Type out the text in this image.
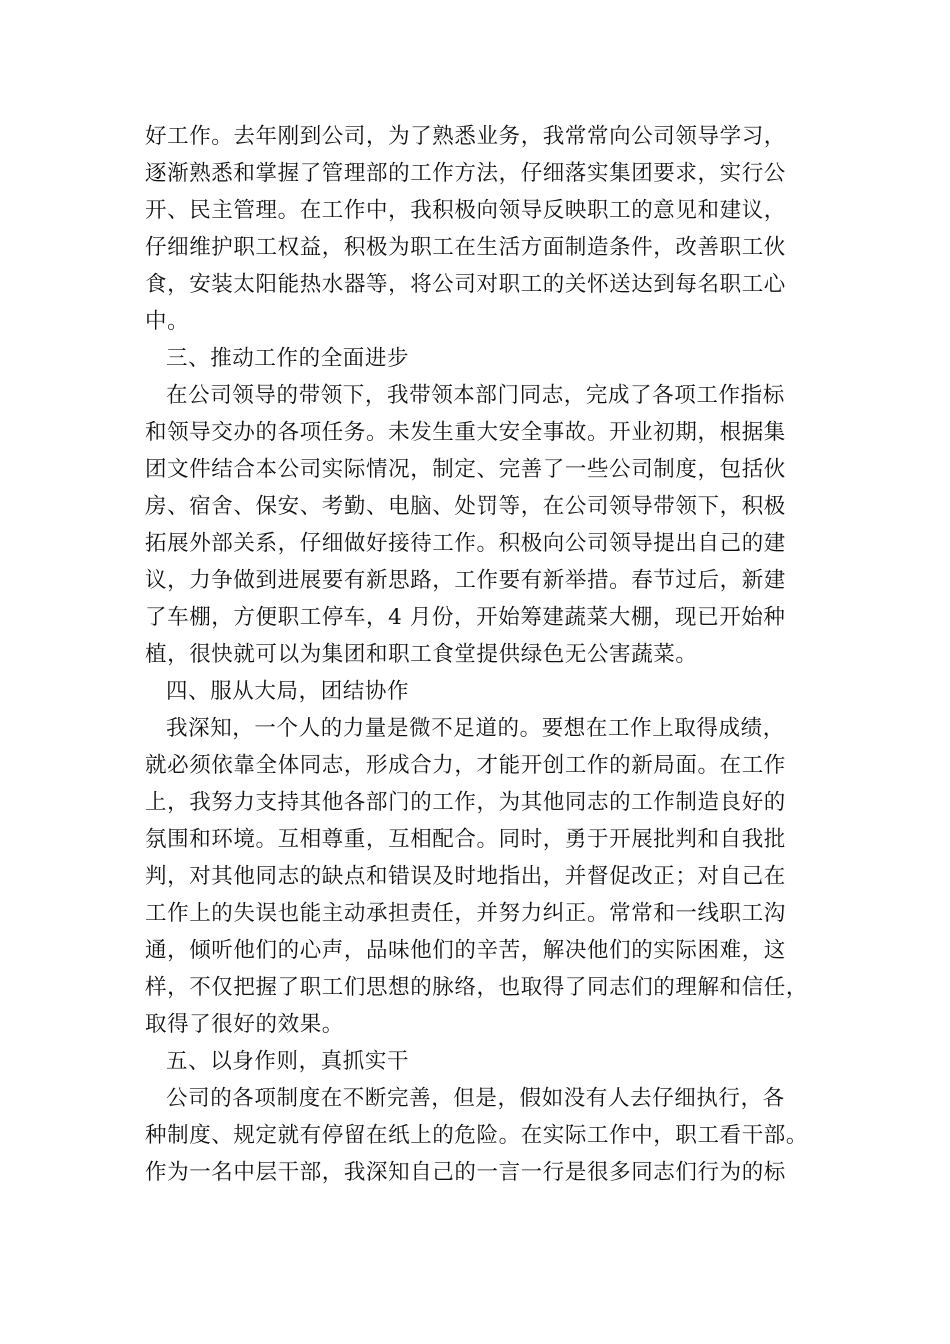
好工作。去年刚到公司，为了熟悉业务，我常常向公司领导学习，
逐渐熟悉和掌握了管理部的工作方法，仔细落实集团要求，实行公
开、民主管理。在工作中，我积极向领导反映职工的意见和建议，
仔细维护职工权益，积极为职工在生活方面制造条件，改善职工伙
食，安装太阳能热水器等，将公司对职工的关怀送达到每名职工心
中。
三、推动工作的全面进步
在公司领导的带领下，我带领本部门同志，完成了各项工作指标
和领导交办的各项任务。未发生重大安全事故。开业初期，根据集
团文件结合本公司实际情况，制定、完善了一些公司制度，包括伙
房、宿舍、保安、考勤、电脑、处罚等，在公司领导带领下，积极
拓展外部关系，仔细做好接待工作。积极向公司领导提出自己的建
议，力争做到进展要有新思路，工作要有新举措。春节过后，新建
了车棚，方便职工停车，4 月份，开始筹建蔬菜大棚，现已开始种
植，很快就可以为集团和职工食堂提供绿色无公害蔬菜。
四、服从大局，团结协作
我深知，一个人的力量是微不足道的。要想在工作上取得成绩，
就必须依靠全体同志，形成合力，才能开创工作的新局面。在工作
上，我努力支持其他各部门的工作，为其他同志的工作制造良好的
氛围和环境。互相尊重，互相配合。同时，勇于开展批判和自我批
判，对其他同志的缺点和错误及时地指出，并督促改正；对自己在
工作上的失误也能主动承担责任，并努力纠正。常常和一线职工沟
通，倾听他们的心声，品味他们的辛苦，解决他们的实际困难，这
样，不仅把握了职工们思想的脉络，也取得了同志们的理解和信任，
取得了很好的效果。
五、以身作则，真抓实干
公司的各项制度在不断完善，但是，假如没有人去仔细执行，各
种制度、规定就有停留在纸上的危险。在实际工作中，职工看干部。
作为一名中层干部，我深知自己的一言一行是很多同志们行为的标
